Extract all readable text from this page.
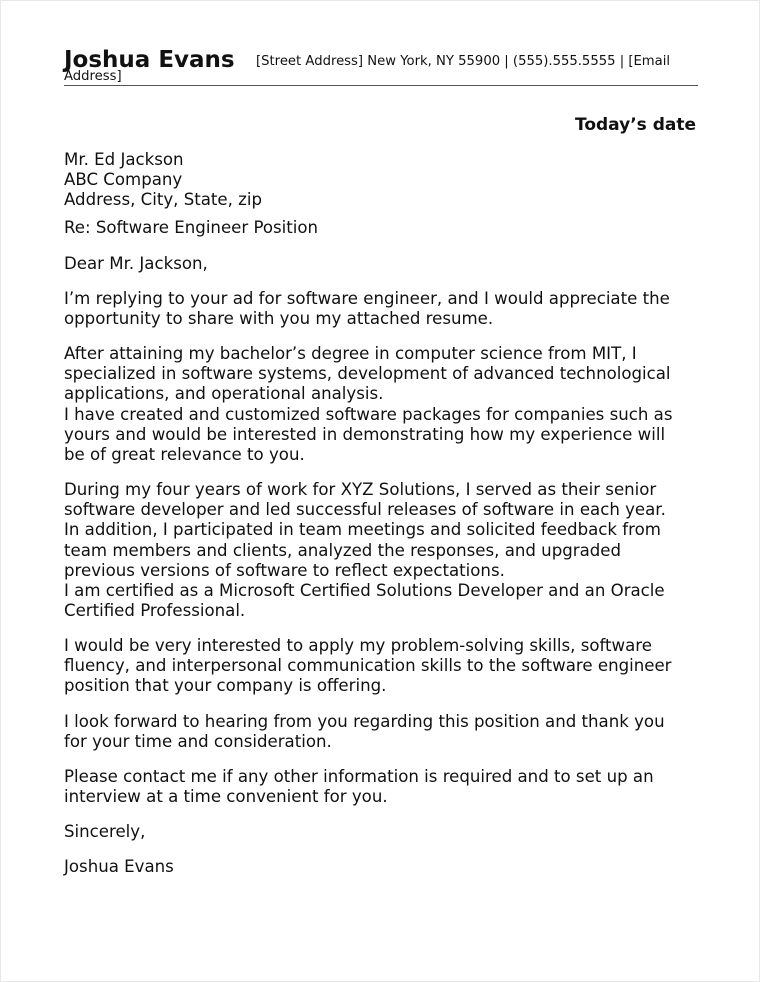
[Street Address] New York, NY 55900 | (555).555.5555 | [Email Address]
Joshua Evans
Today’s date
Mr. Ed Jackson
ABC Company
Address, City, State, zip
Re: Software Engineer Position
Dear Mr. Jackson,
I’m replying to your ad for software engineer, and I would appreciate the
opportunity to share with you my attached resume.
After attaining my bachelor’s degree in computer science from MIT, I
specialized in software systems, development of advanced technological
applications, and operational analysis.
I have created and customized software packages for companies such as
yours and would be interested in demonstrating how my experience will
be of great relevance to you.
During my four years of work for XYZ Solutions, I served as their senior
software developer and led successful releases of software in each year.
In addition, I participated in team meetings and solicited feedback from
team members and clients, analyzed the responses, and upgraded
previous versions of software to reflect expectations.
I am certified as a Microsoft Certified Solutions Developer and an Oracle
Certified Professional.
I would be very interested to apply my problem-solving skills, software
fluency, and interpersonal communication skills to the software engineer
position that your company is offering.
I look forward to hearing from you regarding this position and thank you
for your time and consideration.
Please contact me if any other information is required and to set up an
interview at a time convenient for you.
Sincerely,
Joshua Evans
